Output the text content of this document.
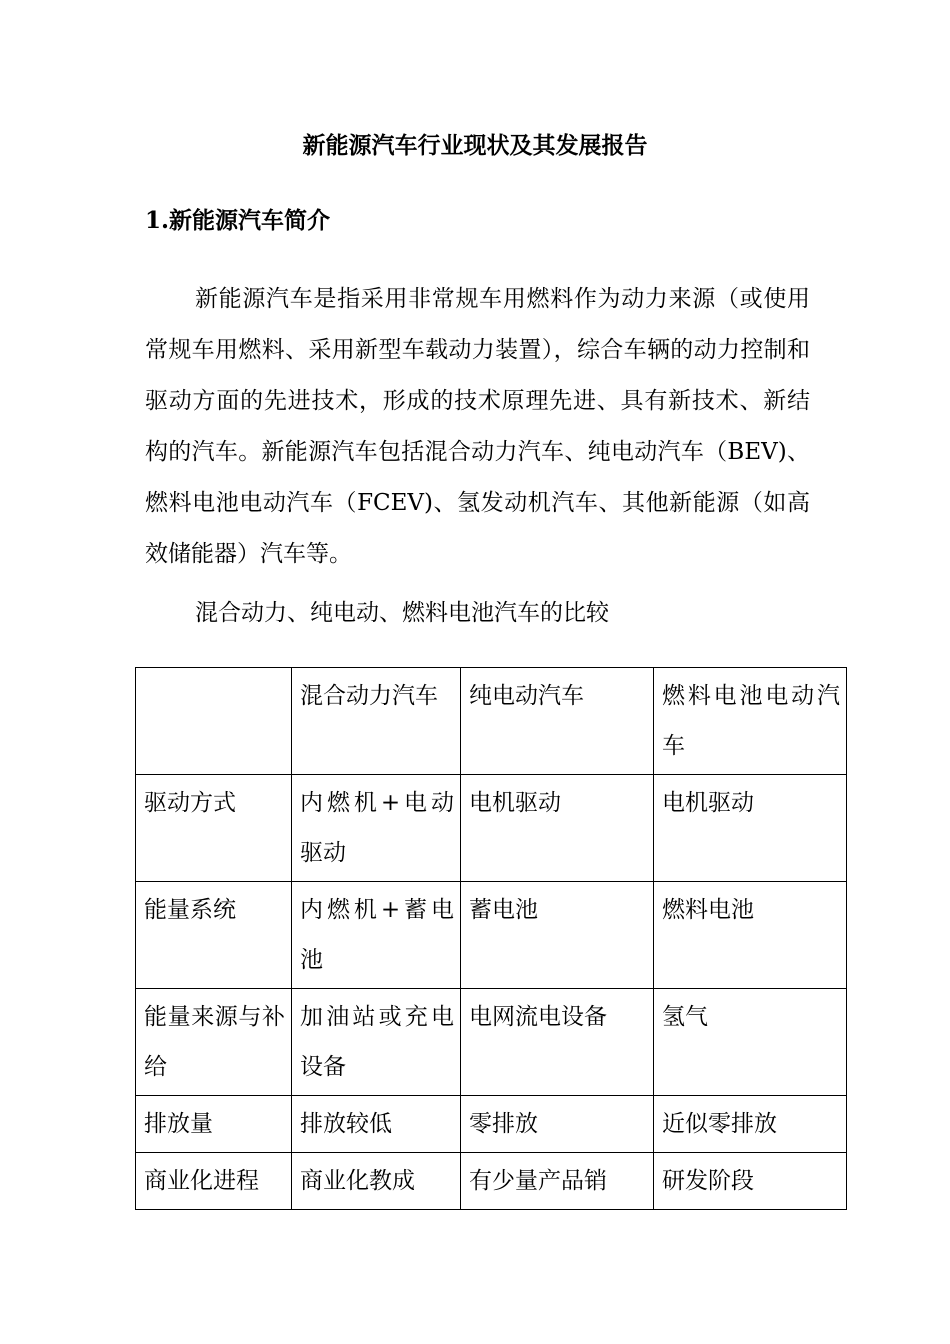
新能源汽车行业现状及其发展报告
1.新能源汽车简介

新能源汽车是指采用非常规车用燃料作为动力来源（或使用常规车用燃料、采用新型车载动力装置），综合车辆的动力控制和驱动方面的先进技术，形成的技术原理先进、具有新技术、新结构的汽车。新能源汽车包括混合动力汽车、纯电动汽车（BEV)、燃料电池电动汽车（FCEV)、氢发动机汽车、其他新能源（如高效储能器）汽车等。

混合动力、纯电动、燃料电池汽车的比较

	混合动力汽车	纯电动汽车	燃料电池电动汽车
驱动方式	内燃机+电动驱动	电机驱动	电机驱动
能量系统	内燃机+蓄电池	蓄电池	燃料电池
能量来源与补给	加油站或充电设备	电网流电设备	氢气
排放量	排放较低	零排放	近似零排放
商业化进程	商业化教成	有少量产品销	研发阶段
